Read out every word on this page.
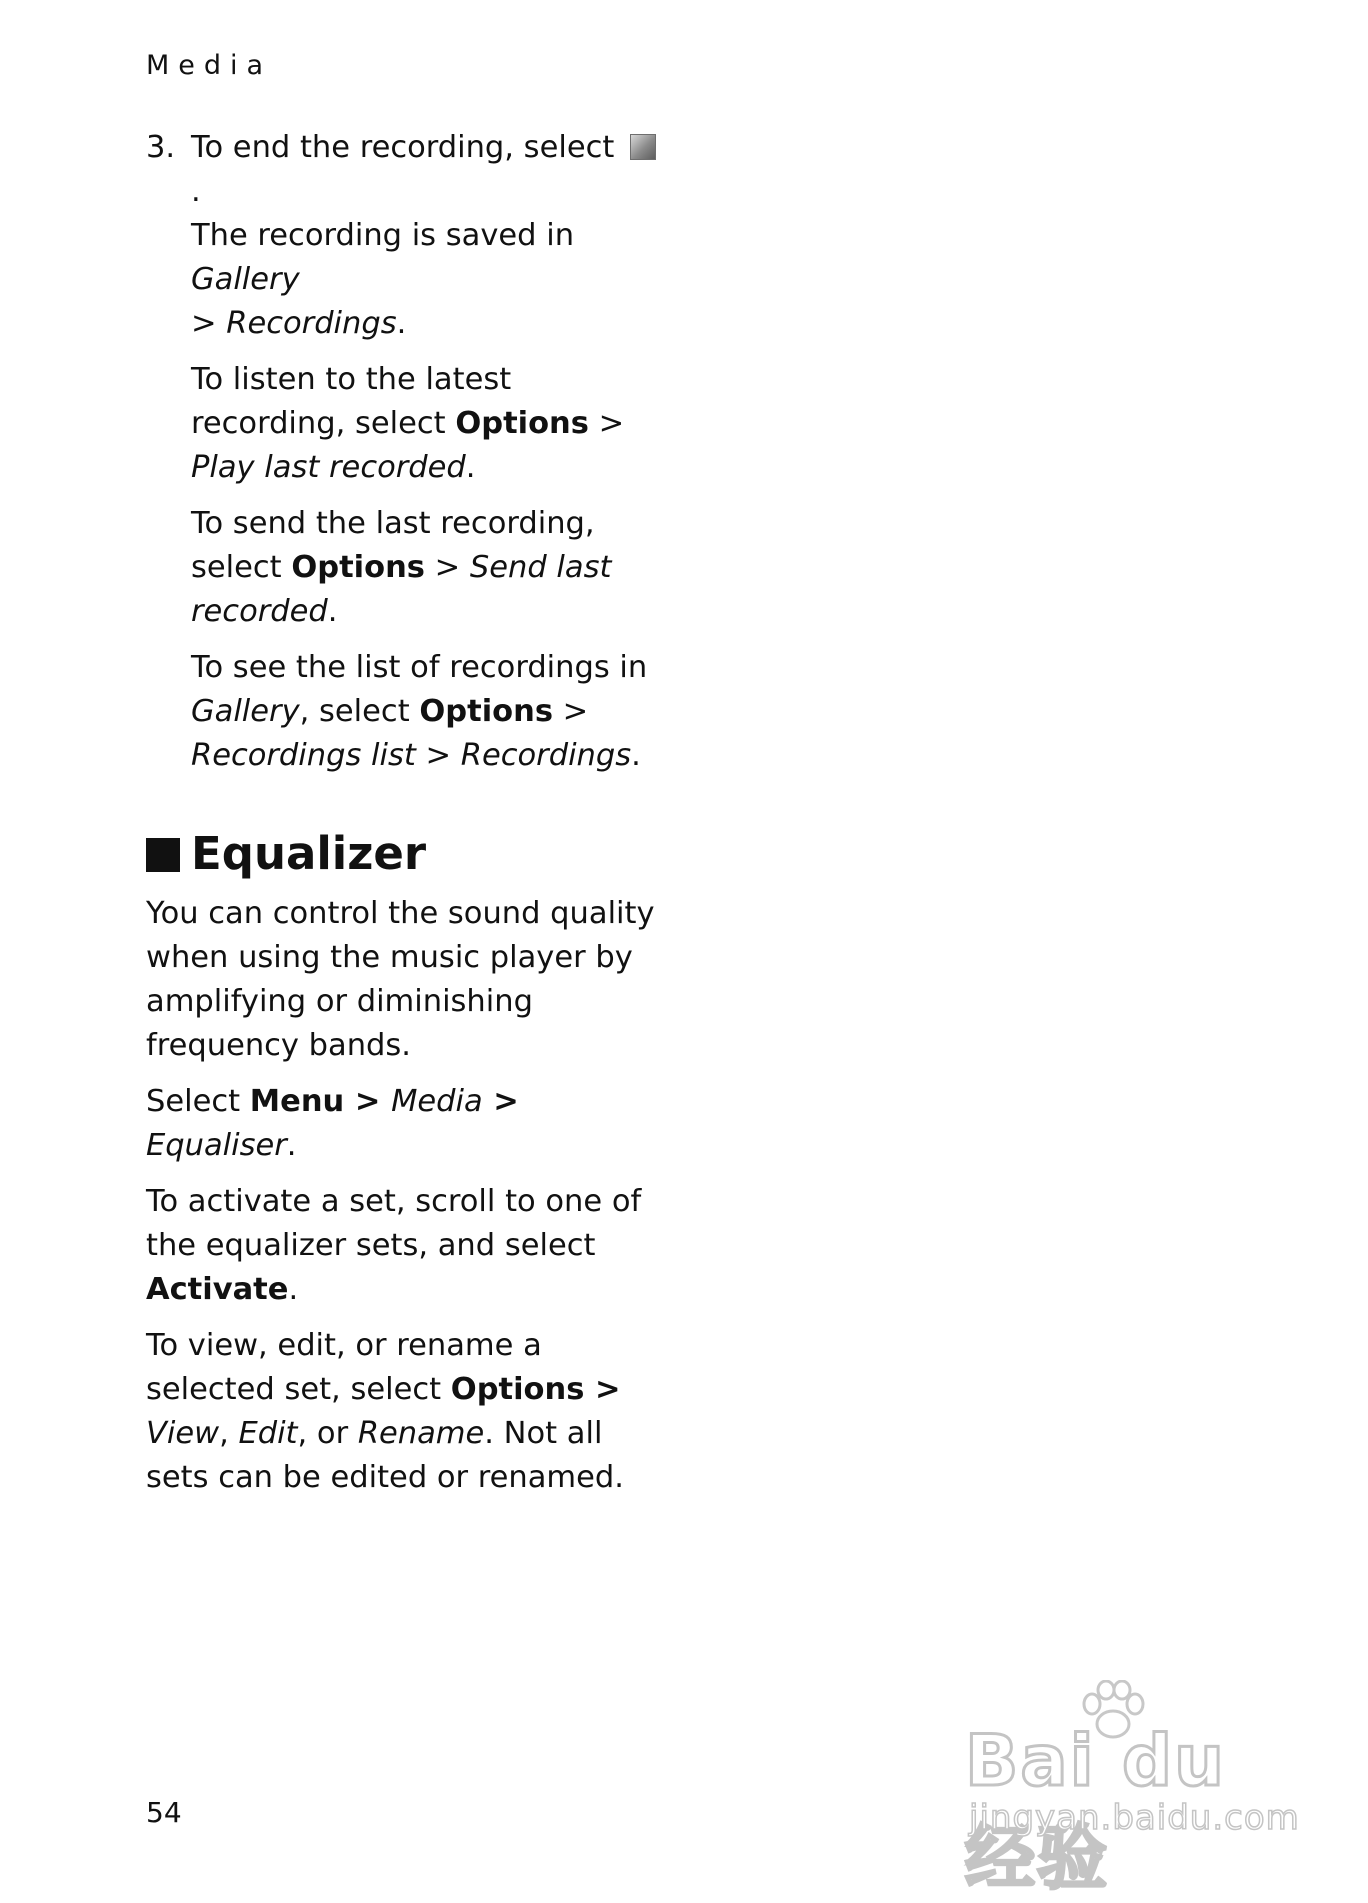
Media
3. To end the recording, select.
The recording is saved in Gallery
> Recordings.

To listen to the latest recording, select Options > Play last recorded.

To send the last recording, select Options > Send last recorded.

To see the list of recordings in
Gallery, select Options >
Recordings list > Recordings.

Equalizer

You can control the sound quality when using the music player by amplifying or diminishing frequency bands.

Select Menu > Media > Equaliser.

To activate a set, scroll to one of the equalizer sets, and select Activate.

To view, edit, or rename a selected set, select Options > View, Edit, or Rename. Not all sets can be edited or renamed.

54
Bai du 经验
jingyan.baidu.com
